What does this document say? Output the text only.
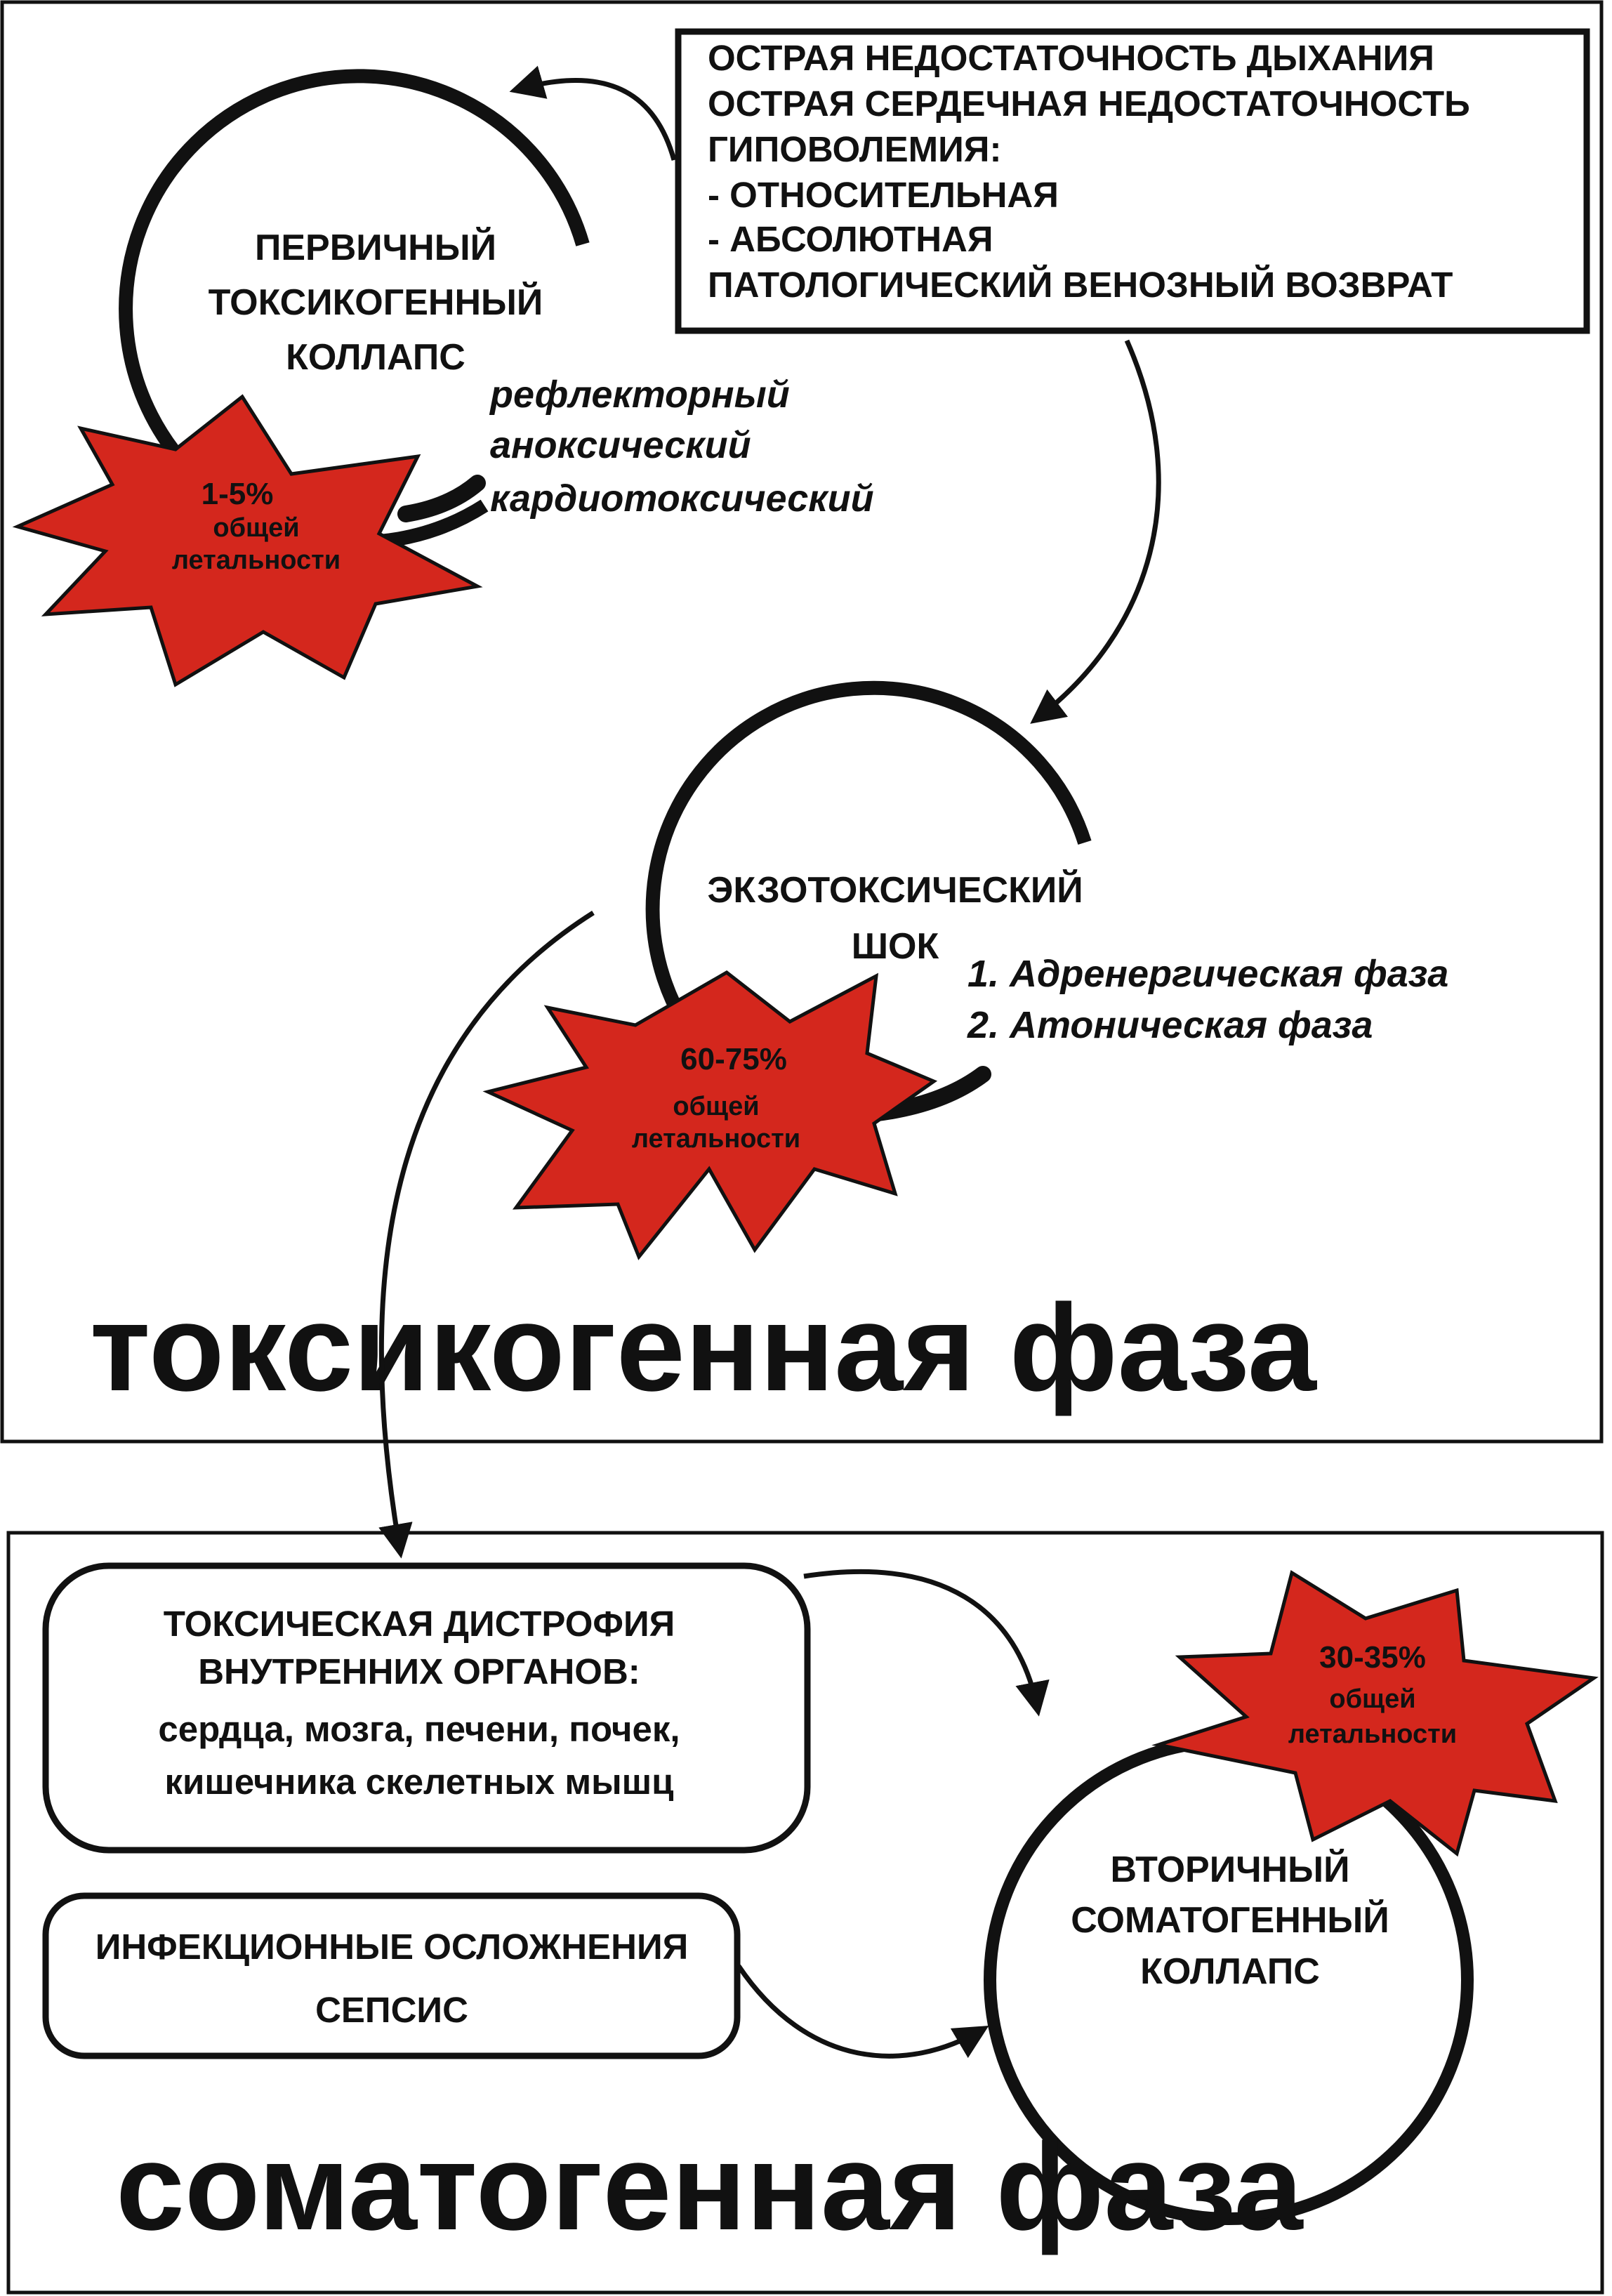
ОСТРАЯ НЕДОСТАТОЧНОСТЬ ДЫХАНИЯ
ОСТРАЯ СЕРДЕЧНАЯ НЕДОСТАТОЧНОСТЬ
ГИПОВОЛЕМИЯ:
- ОТНОСИТЕЛЬНАЯ
- АБСОЛЮТНАЯ
ПАТОЛОГИЧЕСКИЙ ВЕНОЗНЫЙ ВОЗВРАТ
1-5%
общей
летальности
ПЕРВИЧНЫЙ
ТОКСИКОГЕННЫЙ
КОЛЛАПС
рефлекторный
аноксический
кардиотоксический
60-75%
общей
летальности
ЭКЗОТОКСИЧЕСКИЙ
ШОК
1. Адренергическая фаза
2. Атоническая фаза
токсикогенная фаза
ТОКСИЧЕСКАЯ ДИСТРОФИЯ
ВНУТРЕННИХ ОРГАНОВ:
сердца, мозга, печени, почек,
кишечника скелетных мышц
ИНФЕКЦИОННЫЕ ОСЛОЖНЕНИЯ
СЕПСИС
30-35%
общей
летальности
ВТОРИЧНЫЙ
СОМАТОГЕННЫЙ
КОЛЛАПС
соматогенная фаза
